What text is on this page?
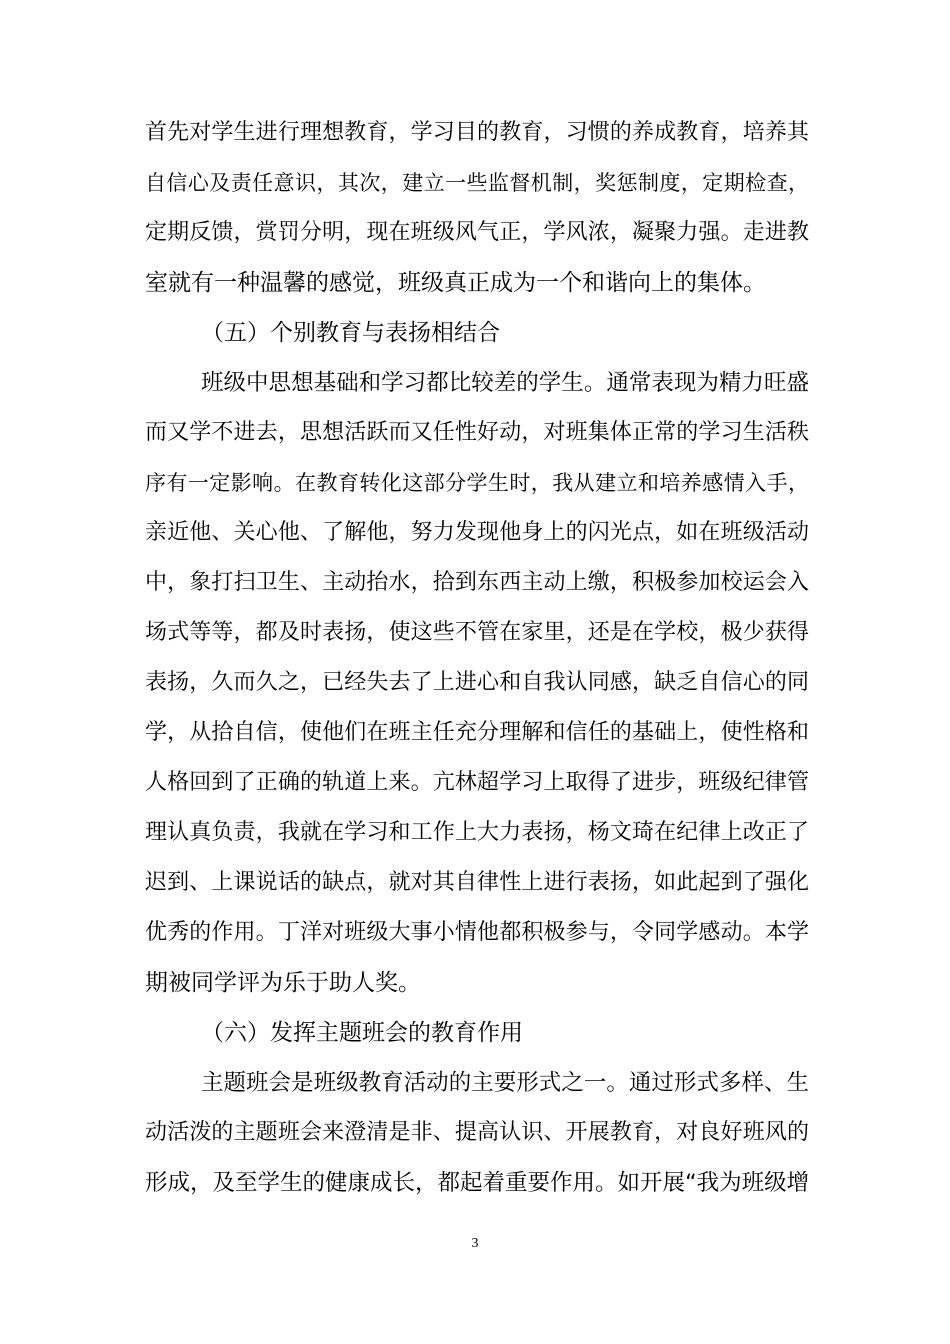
首先对学生进行理想教育，学习目的教育，习惯的养成教育，培养其
自信心及责任意识，其次，建立一些监督机制，奖惩制度，定期检查，
定期反馈，赏罚分明，现在班级风气正，学风浓，凝聚力强。走进教
室就有一种温馨的感觉，班级真正成为一个和谐向上的集体。
（五）个别教育与表扬相结合
班级中思想基础和学习都比较差的学生。通常表现为精力旺盛
而又学不进去，思想活跃而又任性好动，对班集体正常的学习生活秩
序有一定影响。在教育转化这部分学生时，我从建立和培养感情入手，
亲近他、关心他、了解他，努力发现他身上的闪光点，如在班级活动
中，象打扫卫生、主动抬水，拾到东西主动上缴，积极参加校运会入
场式等等，都及时表扬，使这些不管在家里，还是在学校，极少获得
表扬，久而久之，已经失去了上进心和自我认同感，缺乏自信心的同
学，从拾自信，使他们在班主任充分理解和信任的基础上，使性格和
人格回到了正确的轨道上来。亢林超学习上取得了进步，班级纪律管
理认真负责，我就在学习和工作上大力表扬，杨文琦在纪律上改正了
迟到、上课说话的缺点，就对其自律性上进行表扬，如此起到了强化
优秀的作用。丁洋对班级大事小情他都积极参与，令同学感动。本学
期被同学评为乐于助人奖。
（六）发挥主题班会的教育作用
主题班会是班级教育活动的主要形式之一。通过形式多样、生
动活泼的主题班会来澄清是非、提高认识、开展教育，对良好班风的
形成，及至学生的健康成长，都起着重要作用。如开展“我为班级增
3
